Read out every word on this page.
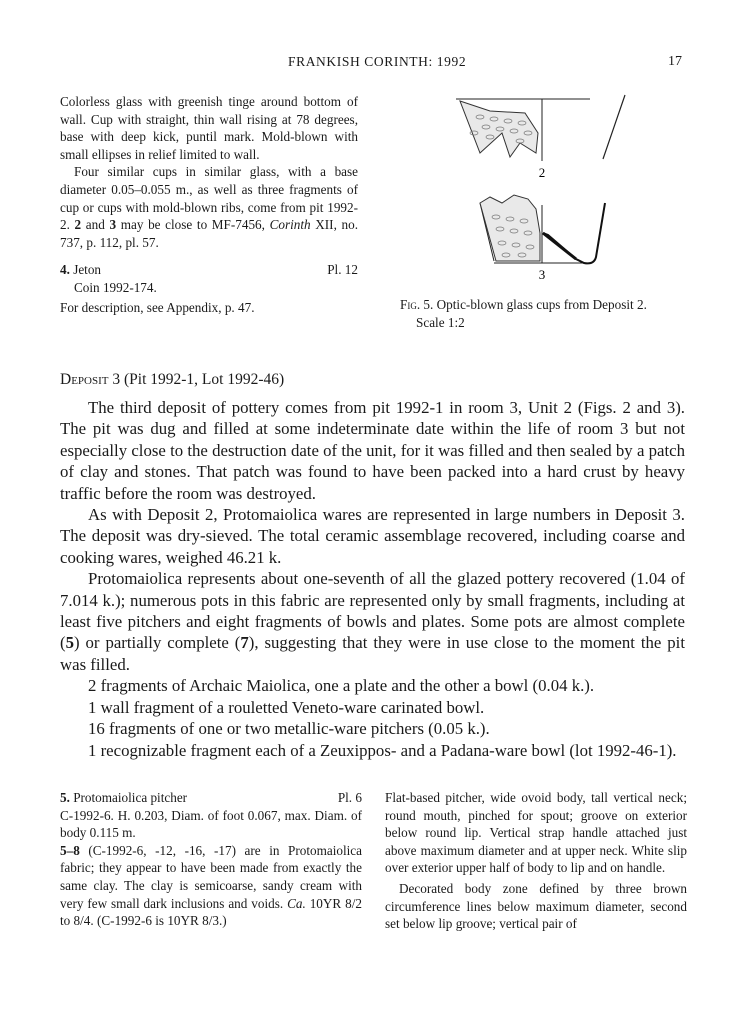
FRANKISH CORINTH: 1992	17

Colorless glass with greenish tinge around bottom of wall. Cup with straight, thin wall rising at 78 degrees, base with deep kick, puntil mark. Mold-blown with small ellipses in relief limited to wall.

Four similar cups in similar glass, with a base diameter 0.05–0.055 m., as well as three fragments of cup or cups with mold-blown ribs, come from pit 1992-2. 2 and 3 may be close to MF-7456, Corinth XII, no. 737, p. 112, pl. 57.

4. Jeton	Pl. 12

Coin 1992-174.

For description, see Appendix, p. 47.

2
3
Fig. 5. Optic-blown glass cups from Deposit 2.
Scale 1:2
Deposit 3 (Pit 1992-1, Lot 1992-46)

The third deposit of pottery comes from pit 1992-1 in room 3, Unit 2 (Figs. 2 and 3). The pit was dug and filled at some indeterminate date within the life of room 3 but not especially close to the destruction date of the unit, for it was filled and then sealed by a patch of clay and stones. That patch was found to have been packed into a hard crust by heavy traffic before the room was destroyed.

As with Deposit 2, Protomaiolica wares are represented in large numbers in Deposit 3. The deposit was dry-sieved. The total ceramic assemblage recovered, including coarse and cooking wares, weighed 46.21 k.

Protomaiolica represents about one-seventh of all the glazed pottery recovered (1.04 of 7.014 k.); numerous pots in this fabric are represented only by small fragments, including at least five pitchers and eight fragments of bowls and plates. Some pots are almost complete (5) or partially complete (7), suggesting that they were in use close to the moment the pit was filled.

2 fragments of Archaic Maiolica, one a plate and the other a bowl (0.04 k.).

1 wall fragment of a rouletted Veneto-ware carinated bowl.

16 fragments of one or two metallic-ware pitchers (0.05 k.).

1 recognizable fragment each of a Zeuxippos- and a Padana-ware bowl (lot 1992-46-1).

5. Protomaiolica pitcher	Pl. 6

C-1992-6. H. 0.203, Diam. of foot 0.067, max. Diam. of body 0.115 m.

5–8 (C-1992-6, -12, -16, -17) are in Protomaiolica fabric; they appear to have been made from exactly the same clay. The clay is semicoarse, sandy cream with very few small dark inclusions and voids. Ca. 10YR 8/2 to 8/4. (C-1992-6 is 10YR 8/3.)

Flat-based pitcher, wide ovoid body, tall vertical neck; round mouth, pinched for spout; groove on exterior below round lip. Vertical strap handle attached just above maximum diameter and at upper neck. White slip over exterior upper half of body to lip and on handle.

Decorated body zone defined by three brown circumference lines below maximum diameter, second set below lip groove; vertical pair of
